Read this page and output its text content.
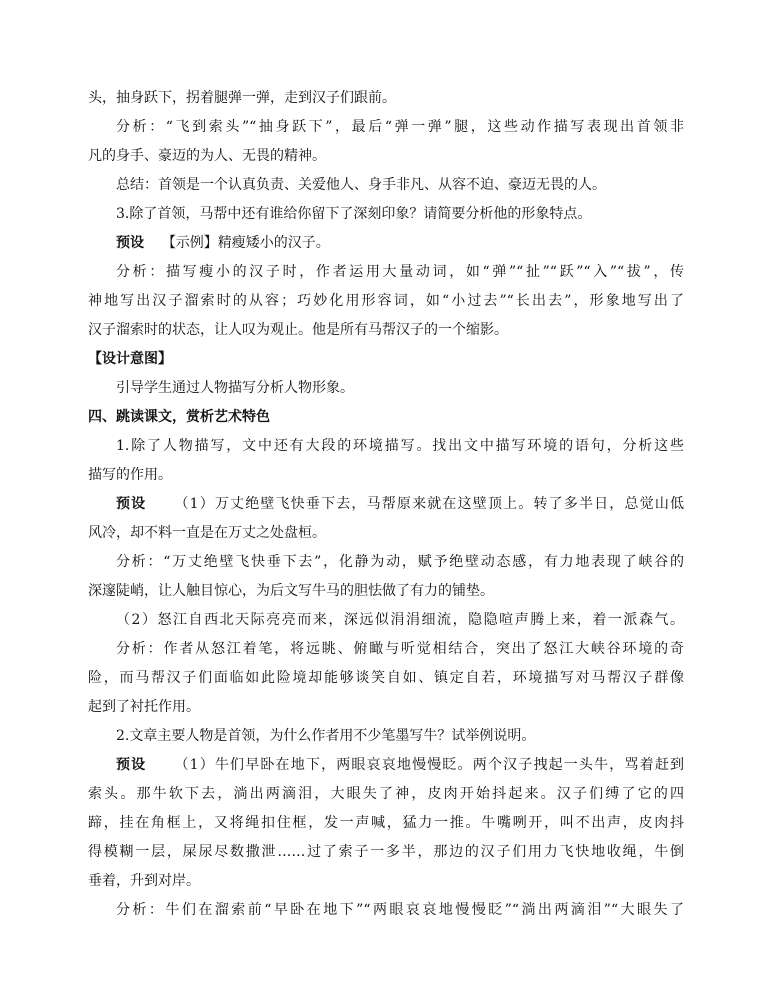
头，抽身跃下，拐着腿弹一弹，走到汉子们跟前。
分析：“飞到索头”“抽身跃下”，最后“弹一弹”腿，这些动作描写表现出首领非
凡的身手、豪迈的为人、无畏的精神。
总结：首领是一个认真负责、关爱他人、身手非凡、从容不迫、豪迈无畏的人。
3.除了首领，马帮中还有谁给你留下了深刻印象？请简要分析他的形象特点。
预设 【示例】精瘦矮小的汉子。
分析：描写瘦小的汉子时，作者运用大量动词，如“弹”“扯”“跃”“入”“拔”，传
神地写出汉子溜索时的从容；巧妙化用形容词，如“小过去”“长出去”，形象地写出了
汉子溜索时的状态，让人叹为观止。他是所有马帮汉子的一个缩影。
【设计意图】
引导学生通过人物描写分析人物形象。
四、跳读课文，赏析艺术特色
1.除了人物描写，文中还有大段的环境描写。找出文中描写环境的语句，分析这些
描写的作用。
预设 （1）万丈绝壁飞快垂下去，马帮原来就在这壁顶上。转了多半日，总觉山低
风冷，却不料一直是在万丈之处盘桓。
分析：“万丈绝壁飞快垂下去”，化静为动，赋予绝壁动态感，有力地表现了峡谷的
深邃陡峭，让人触目惊心，为后文写牛马的胆怯做了有力的铺垫。
（2）怒江自西北天际亮亮而来，深远似涓涓细流，隐隐喧声腾上来，着一派森气。
分析：作者从怒江着笔，将远眺、俯瞰与听觉相结合，突出了怒江大峡谷环境的奇
险，而马帮汉子们面临如此险境却能够谈笑自如、镇定自若，环境描写对马帮汉子群像
起到了衬托作用。
2.文章主要人物是首领，为什么作者用不少笔墨写牛？试举例说明。
预设 （1）牛们早卧在地下，两眼哀哀地慢慢眨。两个汉子拽起一头牛，骂着赶到
索头。那牛软下去，淌出两滴泪，大眼失了神，皮肉开始抖起来。汉子们缚了它的四
蹄，挂在角框上，又将绳扣住框，发一声喊，猛力一推。牛嘴咧开，叫不出声，皮肉抖
得模糊一层，屎尿尽数撒泄……过了索子一多半，那边的汉子们用力飞快地收绳，牛倒
垂着，升到对岸。
分析：牛们在溜索前“早卧在地下”“两眼哀哀地慢慢眨”“淌出两滴泪”“大眼失了
